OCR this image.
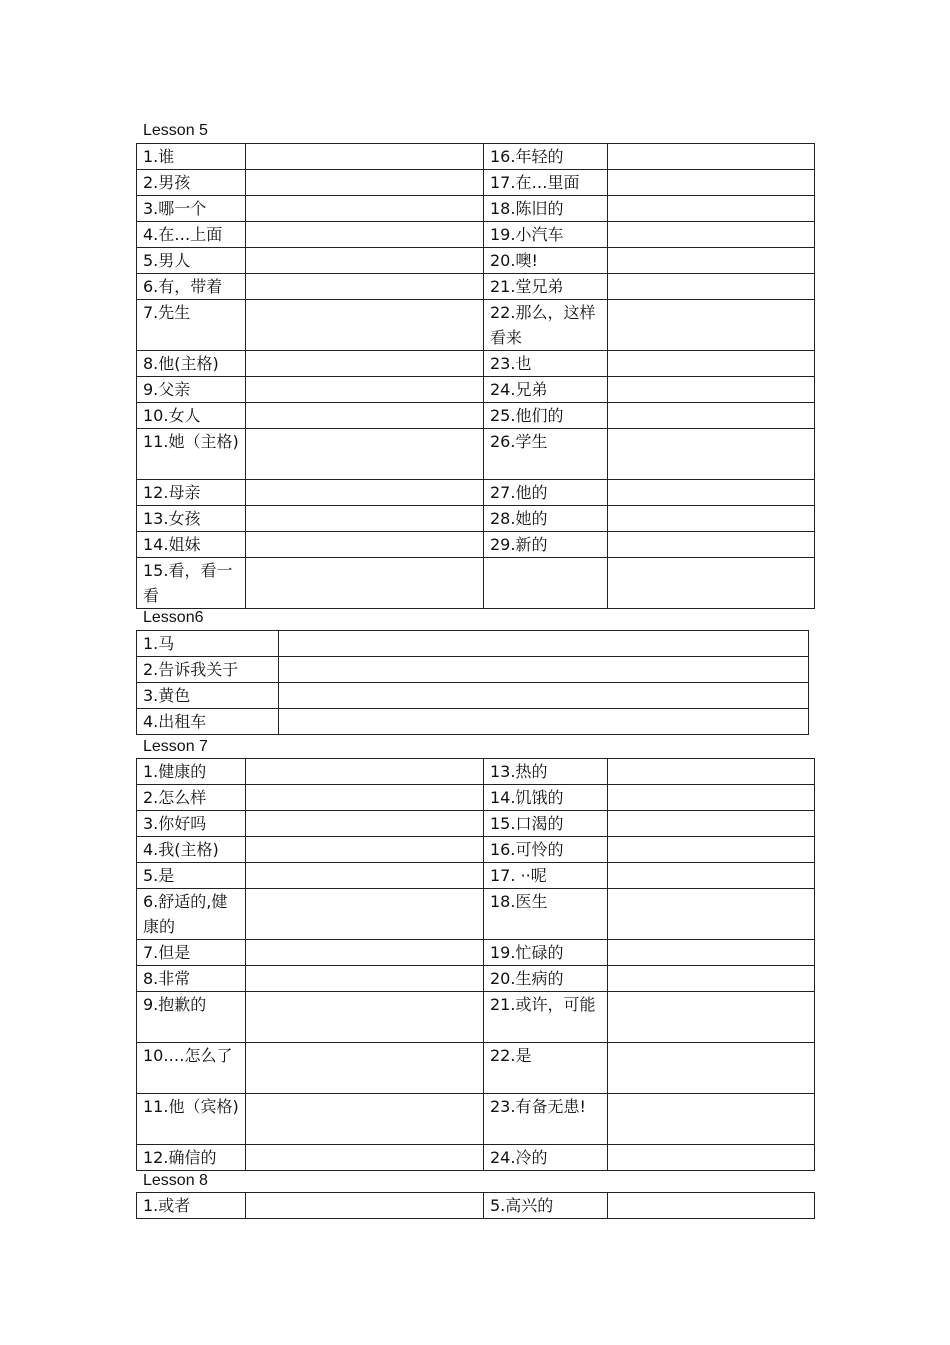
Lesson 5
1.谁		16.年轻的	
2.男孩		17.在…里面	
3.哪一个		18.陈旧的	
4.在…上面		19.小汽车	
5.男人		20.噢!	
6.有，带着		21.堂兄弟	
7.先生		22.那么，这样看来	
8.他(主格)		23.也	
9.父亲		24.兄弟	
10.女人		25.他们的	
11.她（主格)		26.学生	
12.母亲		27.他的	
13.女孩		28.她的	
14.姐妹		29.新的	
15.看，看一看			
Lesson6
1.马	
2.告诉我关于	
3.黄色	
4.出租车	
Lesson 7
1.健康的		13.热的	
2.怎么样		14.饥饿的	
3.你好吗		15.口渴的	
4.我(主格)		16.可怜的	
5.是		17. ··呢	
6.舒适的,健康的		18.医生	
7.但是		19.忙碌的	
8.非常		20.生病的	
9.抱歉的		21.或许，可能	
10.…怎么了		22.是	
11.他（宾格)		23.有备无患!	
12.确信的		24.冷的	
Lesson 8
1.或者		5.高兴的	
